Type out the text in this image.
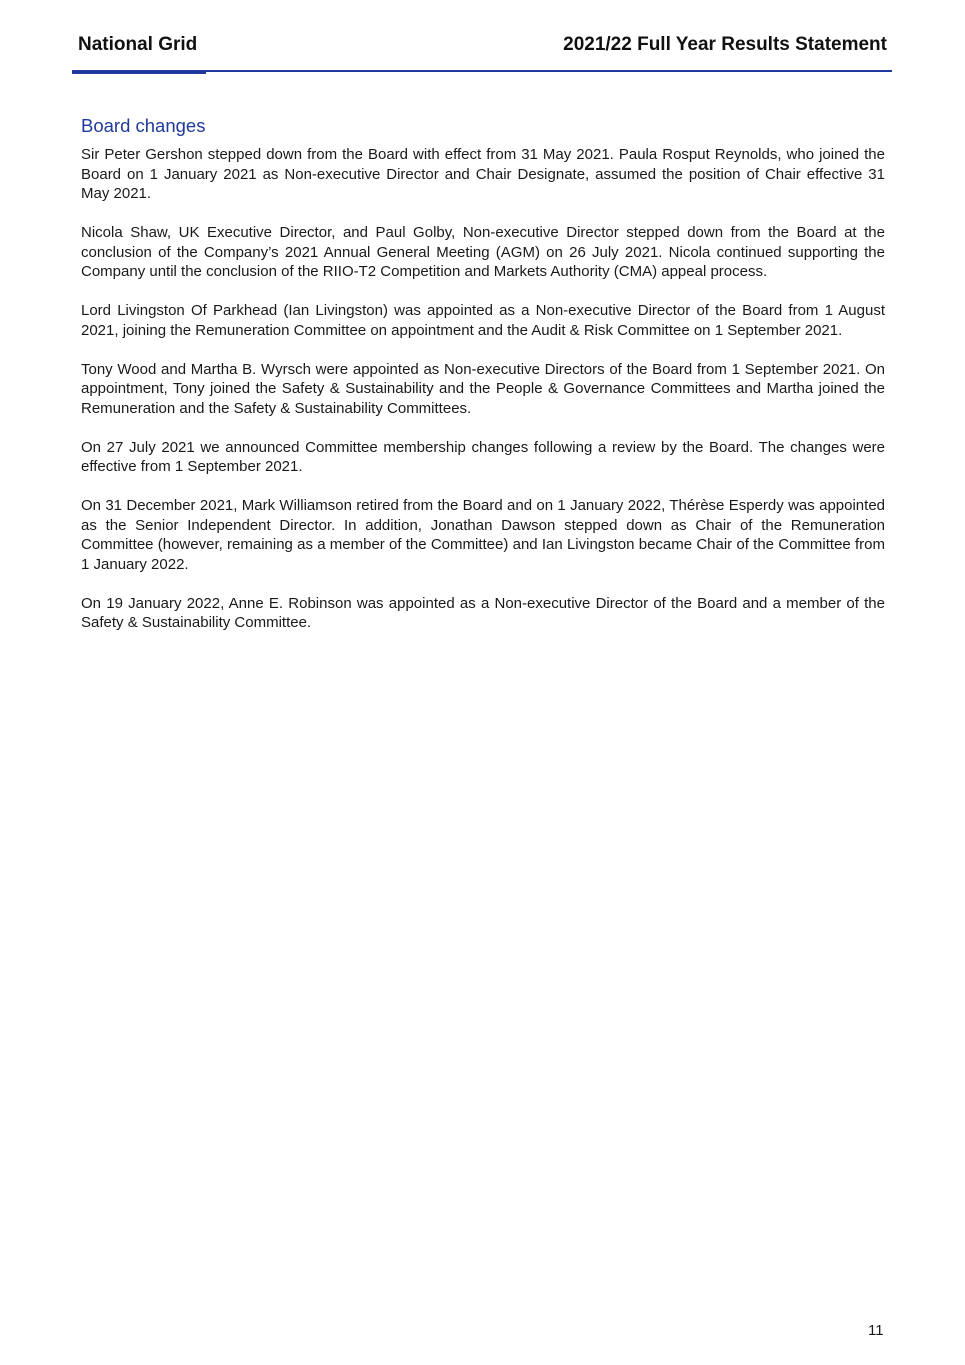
National Grid	2021/22 Full Year Results Statement
Board changes

Sir Peter Gershon stepped down from the Board with effect from 31 May 2021. Paula Rosput Reynolds, who joined the Board on 1 January 2021 as Non-executive Director and Chair Designate, assumed the position of Chair effective 31 May 2021.

Nicola Shaw, UK Executive Director, and Paul Golby, Non-executive Director stepped down from the Board at the conclusion of the Company’s 2021 Annual General Meeting (AGM) on 26 July 2021. Nicola continued supporting the Company until the conclusion of the RIIO-T2 Competition and Markets Authority (CMA) appeal process.

Lord Livingston Of Parkhead (Ian Livingston) was appointed as a Non-executive Director of the Board from 1 August 2021, joining the Remuneration Committee on appointment and the Audit & Risk Committee on 1 September 2021.

Tony Wood and Martha B. Wyrsch were appointed as Non-executive Directors of the Board from 1 September 2021. On appointment, Tony joined the Safety & Sustainability and the People & Governance Committees and Martha joined the Remuneration and the Safety & Sustainability Committees.

On 27 July 2021 we announced Committee membership changes following a review by the Board. The changes were effective from 1 September 2021.

On 31 December 2021, Mark Williamson retired from the Board and on 1 January 2022, Thérèse Esperdy was appointed as the Senior Independent Director. In addition, Jonathan Dawson stepped down as Chair of the Remuneration Committee (however, remaining as a member of the Committee) and Ian Livingston became Chair of the Committee from 1 January 2022.

On 19 January 2022, Anne E. Robinson was appointed as a Non-executive Director of the Board and a member of the Safety & Sustainability Committee.

11
